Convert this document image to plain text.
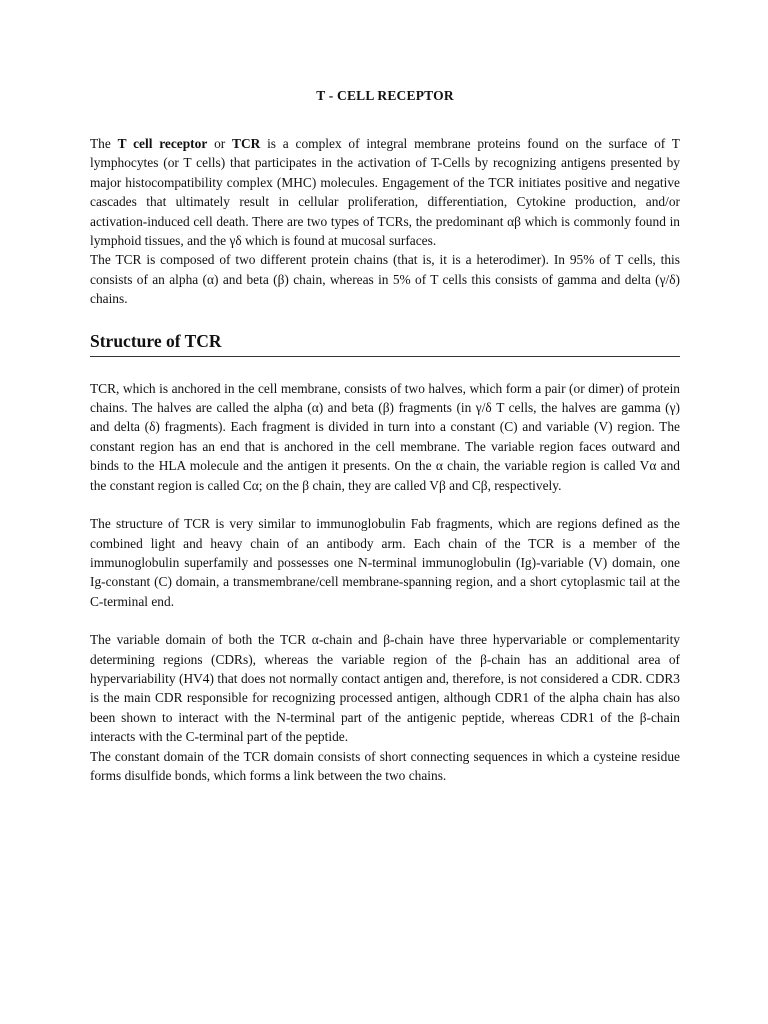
T - CELL RECEPTOR

The T cell receptor or TCR is a complex of integral membrane proteins found on the surface of T lymphocytes (or T cells) that participates in the activation of T-Cells by recognizing antigens presented by major histocompatibility complex (MHC) molecules. Engagement of the TCR initiates positive and negative cascades that ultimately result in cellular proliferation, differentiation, Cytokine production, and/or activation-induced cell death. There are two types of TCRs, the predominant αβ which is commonly found in lymphoid tissues, and the γδ which is found at mucosal surfaces.

The TCR is composed of two different protein chains (that is, it is a heterodimer). In 95% of T cells, this consists of an alpha (α) and beta (β) chain, whereas in 5% of T cells this consists of gamma and delta (γ/δ) chains.

Structure of TCR

TCR, which is anchored in the cell membrane, consists of two halves, which form a pair (or dimer) of protein chains. The halves are called the alpha (α) and beta (β) fragments (in γ/δ T cells, the halves are gamma (γ) and delta (δ) fragments). Each fragment is divided in turn into a constant (C) and variable (V) region. The constant region has an end that is anchored in the cell membrane. The variable region faces outward and binds to the HLA molecule and the antigen it presents. On the α chain, the variable region is called Vα and the constant region is called Cα; on the β chain, they are called Vβ and Cβ, respectively.

The structure of TCR is very similar to immunoglobulin Fab fragments, which are regions defined as the combined light and heavy chain of an antibody arm. Each chain of the TCR is a member of the immunoglobulin superfamily and possesses one N-terminal immunoglobulin (Ig)-variable (V) domain, one Ig-constant (C) domain, a transmembrane/cell membrane-spanning region, and a short cytoplasmic tail at the C-terminal end.

The variable domain of both the TCR α-chain and β-chain have three hypervariable or complementarity determining regions (CDRs), whereas the variable region of the β-chain has an additional area of hypervariability (HV4) that does not normally contact antigen and, therefore, is not considered a CDR. CDR3 is the main CDR responsible for recognizing processed antigen, although CDR1 of the alpha chain has also been shown to interact with the N-terminal part of the antigenic peptide, whereas CDR1 of the β-chain interacts with the C-terminal part of the peptide.

The constant domain of the TCR domain consists of short connecting sequences in which a cysteine residue forms disulfide bonds, which forms a link between the two chains.
